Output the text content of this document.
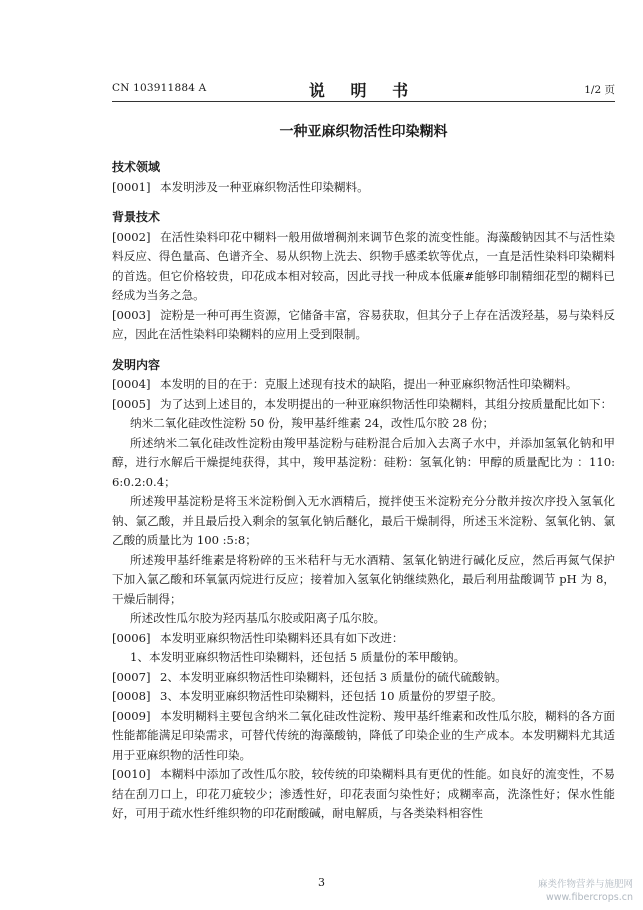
CN 103911884 A	说 明 书	1/2 页
一种亚麻织物活性印染糊料
技术领域
[0001] 本发明涉及一种亚麻织物活性印染糊料。
背景技术
[0002] 在活性染料印花中糊料一般用做增稠剂来调节色浆的流变性能。海藻酸钠因其不与活性染料反应、得色量高、色谱齐全、易从织物上洗去、织物手感柔软等优点，一直是活性染料印染糊料的首选。但它价格较贵，印花成本相对较高，因此寻找一种成本低廉#能够印制精细花型的糊料已经成为当务之急。
[0003] 淀粉是一种可再生资源，它储备丰富，容易获取，但其分子上存在活泼羟基，易与染料反应，因此在活性染料印染糊料的应用上受到限制。
发明内容
[0004] 本发明的目的在于：克服上述现有技术的缺陷，提出一种亚麻织物活性印染糊料。
[0005] 为了达到上述目的，本发明提出的一种亚麻织物活性印染糊料，其组分按质量配比如下：
纳米二氧化硅改性淀粉 50 份，羧甲基纤维素 24，改性瓜尔胶 28 份；
所述纳米二氧化硅改性淀粉由羧甲基淀粉与硅粉混合后加入去离子水中，并添加氢氧化钠和甲醇，进行水解后干燥提纯获得，其中，羧甲基淀粉：硅粉：氢氧化钠：甲醇的质量配比为 ：110:6:0.2:0.4；
所述羧甲基淀粉是将玉米淀粉倒入无水酒精后，搅拌使玉米淀粉充分分散并按次序投入氢氧化钠、氯乙酸，并且最后投入剩余的氢氧化钠后醚化，最后干燥制得，所述玉米淀粉、氢氧化钠、氯乙酸的质量比为 100 :5:8；
所述羧甲基纤维素是将粉碎的玉米秸秆与无水酒精、氢氧化钠进行碱化反应，然后再氮气保护下加入氯乙酸和环氧氯丙烷进行反应；接着加入氢氧化钠继续熟化，最后利用盐酸调节 pH 为 8，干燥后制得；
所述改性瓜尔胶为羟丙基瓜尔胶或阳离子瓜尔胶。
[0006] 本发明亚麻织物活性印染糊料还具有如下改进：
1、本发明亚麻织物活性印染糊料，还包括 5 质量份的苯甲酸钠。
[0007] 2、本发明亚麻织物活性印染糊料，还包括 3 质量份的硫代硫酸钠。
[0008] 3、本发明亚麻织物活性印染糊料，还包括 10 质量份的罗望子胶。
[0009] 本发明糊料主要包含纳米二氧化硅改性淀粉、羧甲基纤维素和改性瓜尔胶，糊料的各方面性能都能满足印染需求，可替代传统的海藻酸钠，降低了印染企业的生产成本。本发明糊料尤其适用于亚麻织物的活性印染。
[0010] 本糊料中添加了改性瓜尔胶，较传统的印染糊料具有更优的性能。如良好的流变性，不易结在刮刀口上，印花刀疵较少；渗透性好，印花表面匀染性好；成糊率高，洗涤性好；保水性能好，可用于疏水性纤维织物的印花耐酸碱，耐电解质，与各类染料相容性
3	麻类作物营养与施肥网
www.fibercrops.cn
